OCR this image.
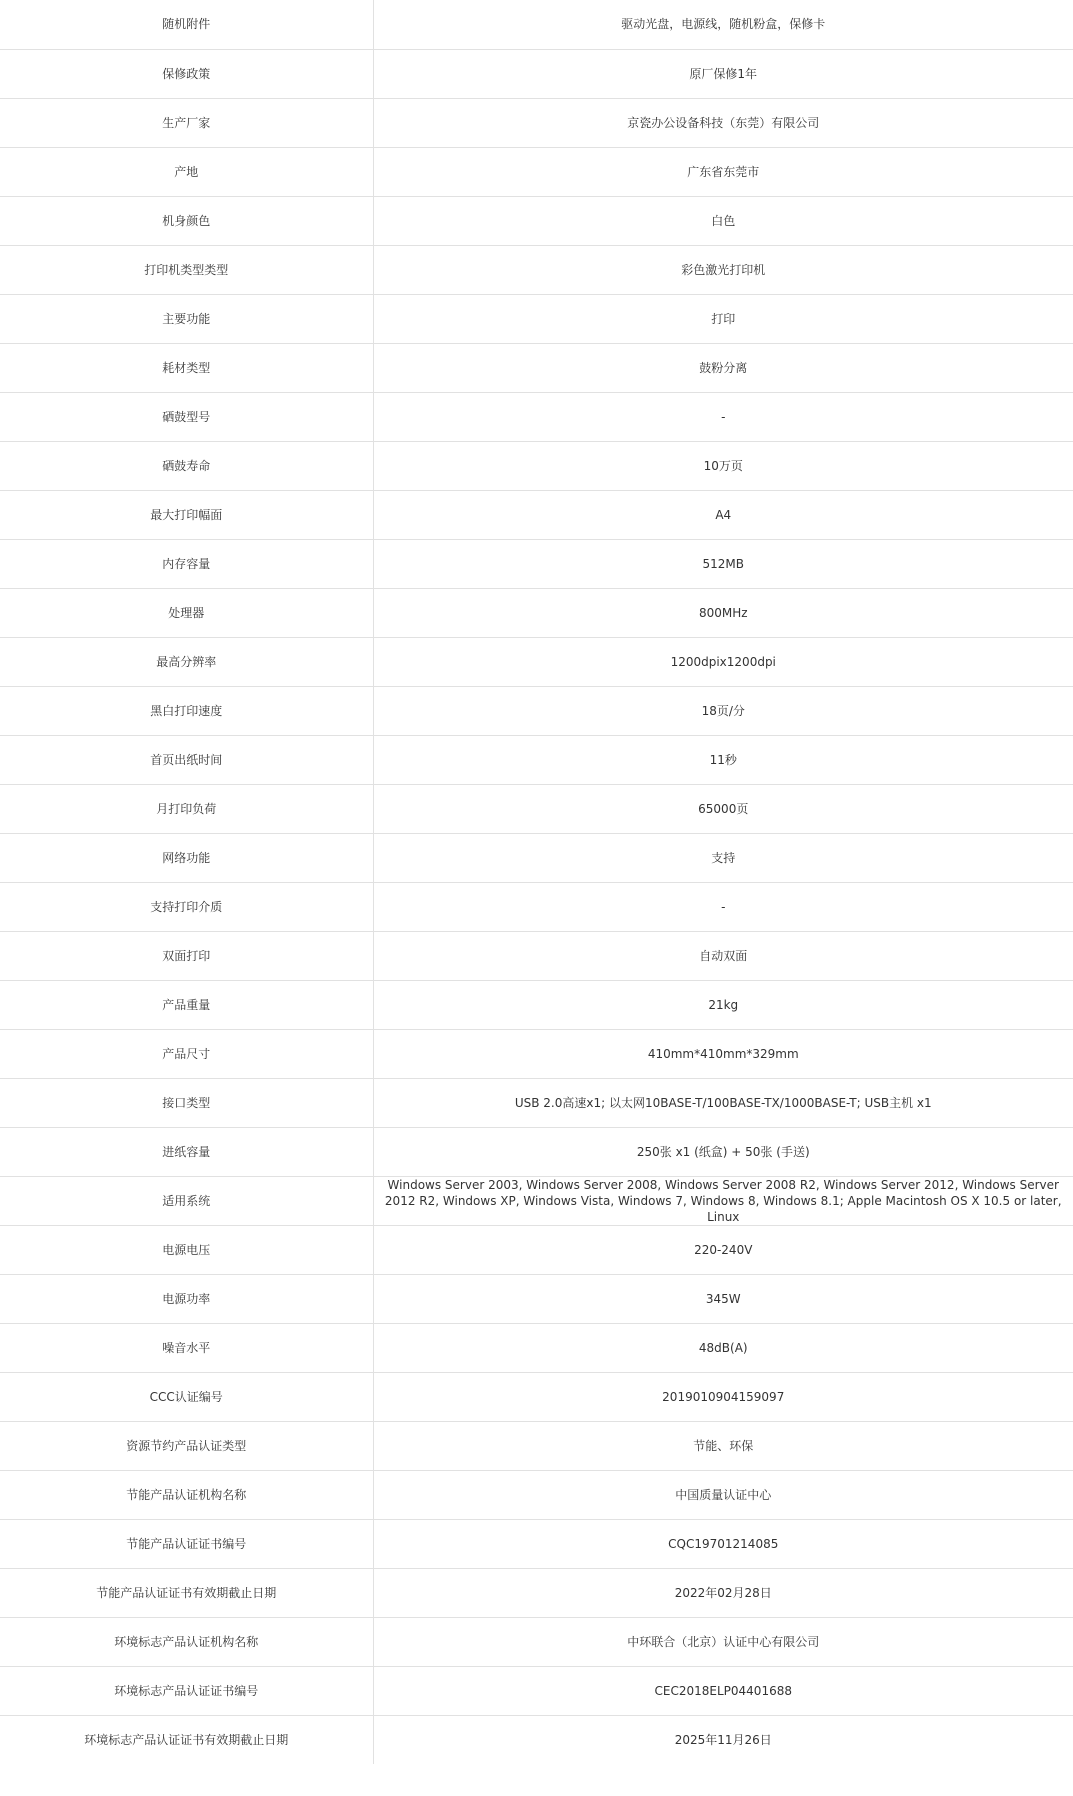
随机附件	驱动光盘，电源线，随机粉盒，保修卡
保修政策	原厂保修1年
生产厂家	京瓷办公设备科技（东莞）有限公司
产地	广东省东莞市
机身颜色	白色
打印机类型类型	彩色激光打印机
主要功能	打印
耗材类型	鼓粉分离
硒鼓型号	-
硒鼓寿命	10万页
最大打印幅面	A4
内存容量	512MB
处理器	800MHz
最高分辨率	1200dpix1200dpi
黑白打印速度	18页/分
首页出纸时间	11秒
月打印负荷	65000页
网络功能	支持
支持打印介质	-
双面打印	自动双面
产品重量	21kg
产品尺寸	410mm*410mm*329mm
接口类型	USB 2.0高速x1; 以太网10BASE-T/100BASE-TX/1000BASE-T; USB主机 x1
进纸容量	250张 x1 (纸盒) + 50张 (手送)
适用系统	Windows Server 2003, Windows Server 2008, Windows Server 2008 R2, Windows Server 2012, Windows Server 2012 R2, Windows XP, Windows Vista, Windows 7, Windows 8, Windows 8.1; Apple Macintosh OS X 10.5 or later, Linux
电源电压	220-240V
电源功率	345W
噪音水平	48dB(A)
CCC认证编号	2019010904159097
资源节约产品认证类型	节能、环保
节能产品认证机构名称	中国质量认证中心
节能产品认证证书编号	CQC19701214085
节能产品认证证书有效期截止日期	2022年02月28日
环境标志产品认证机构名称	中环联合（北京）认证中心有限公司
环境标志产品认证证书编号	CEC2018ELP04401688
环境标志产品认证证书有效期截止日期	2025年11月26日
